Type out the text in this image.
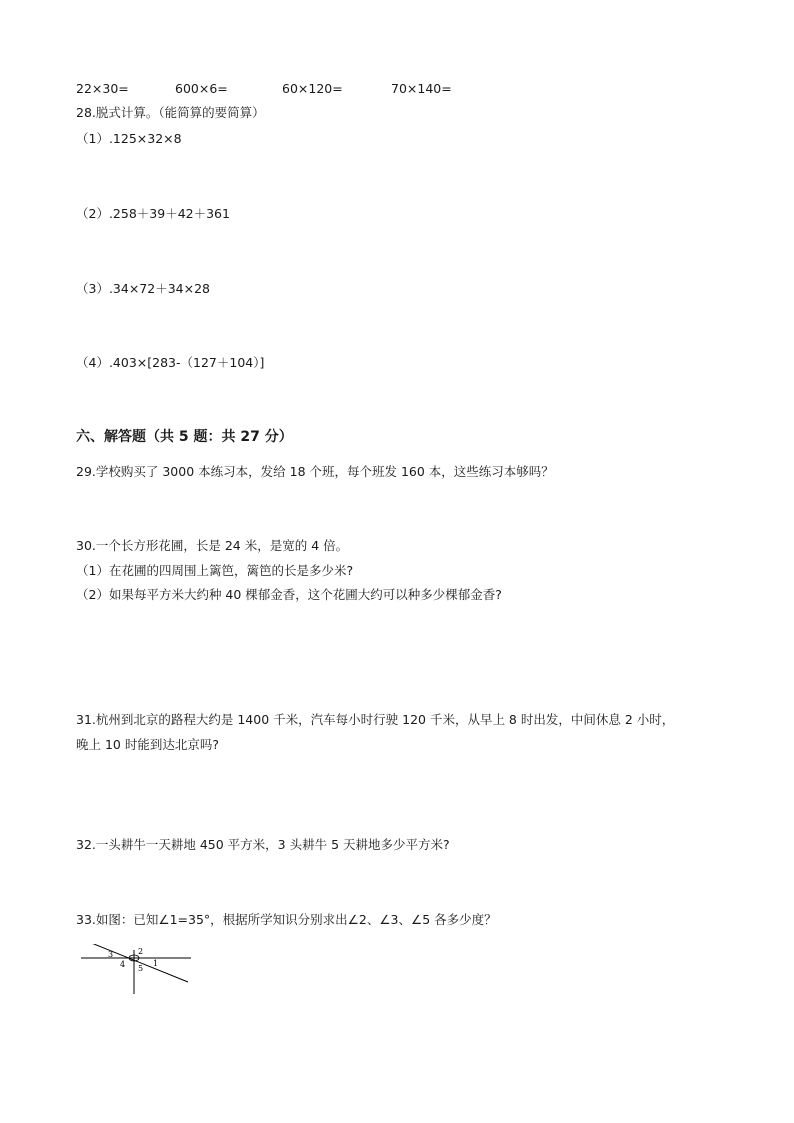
22×30=	600×6=	60×120=	70×140=
28.脱式计算。（能简算的要简算）
（1）.125×32×8
（2）.258＋39＋42＋361
（3）.34×72＋34×28
（4）.403×[283-（127＋104）]
六、解答题（共 5 题：共 27 分）
29.学校购买了 3000 本练习本，发给 18 个班，每个班发 160 本，这些练习本够吗？
30.一个长方形花圃，长是 24 米，是宽的 4 倍。
（1）在花圃的四周围上篱笆，篱笆的长是多少米?
（2）如果每平方米大约种 40 棵郁金香，这个花圃大约可以种多少棵郁金香?
31.杭州到北京的路程大约是 1400 千米，汽车每小时行驶 120 千米，从早上 8 时出发，中间休息 2 小时，
晚上 10 时能到达北京吗?
32.一头耕牛一天耕地 450 平方米，3 头耕牛 5 天耕地多少平方米?
33.如图：已知∠1=35°，根据所学知识分别求出∠2、∠3、∠5 各多少度？
3	2
4 5
1
